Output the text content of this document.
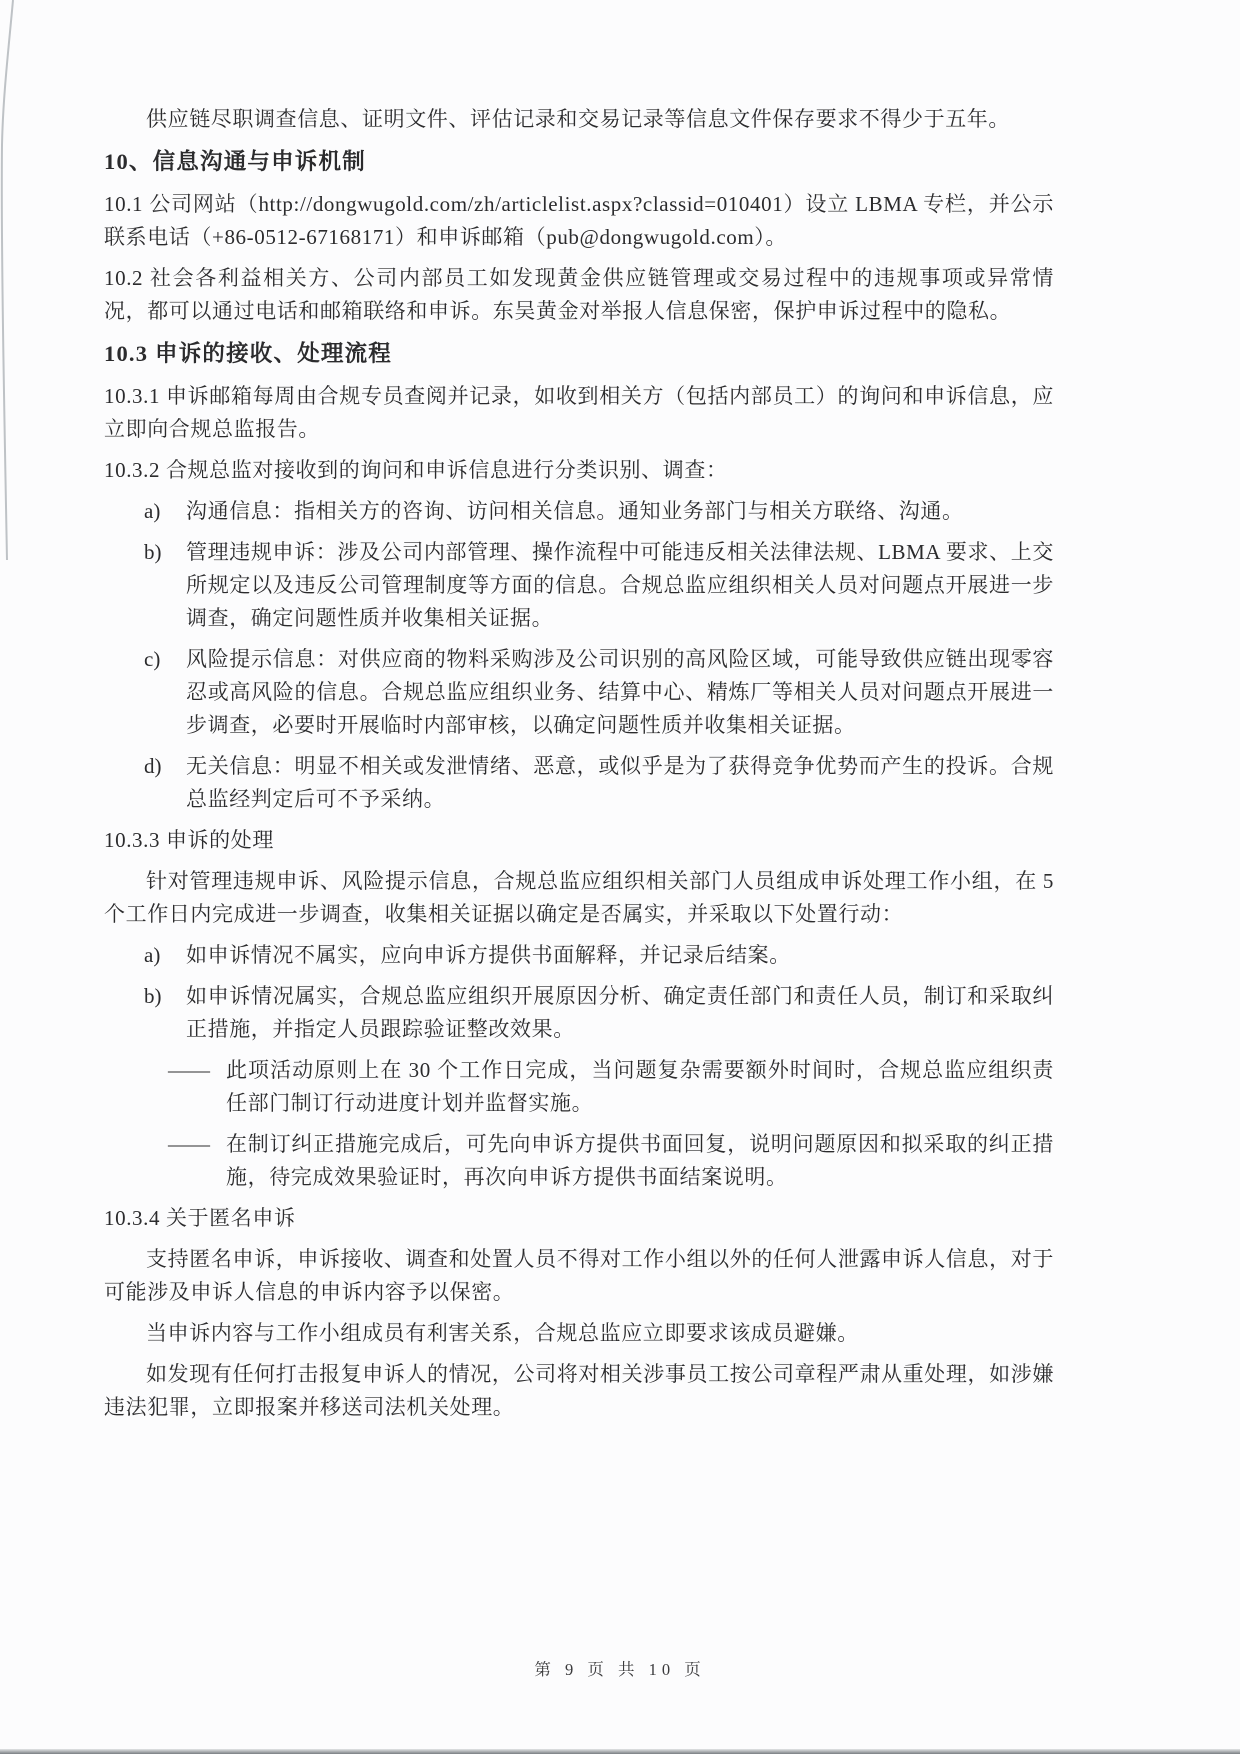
供应链尽职调查信息、证明文件、评估记录和交易记录等信息文件保存要求不得少于五年。

10、信息沟通与申诉机制

10.1 公司网站（http://dongwugold.com/zh/articlelist.aspx?classid=010401）设立 LBMA 专栏，并公示联系电话（+86-0512-67168171）和申诉邮箱（pub@dongwugold.com）。

10.2 社会各利益相关方、公司内部员工如发现黄金供应链管理或交易过程中的违规事项或异常情况，都可以通过电话和邮箱联络和申诉。东吴黄金对举报人信息保密，保护申诉过程中的隐私。

10.3 申诉的接收、处理流程

10.3.1 申诉邮箱每周由合规专员查阅并记录，如收到相关方（包括内部员工）的询问和申诉信息，应立即向合规总监报告。

10.3.2 合规总监对接收到的询问和申诉信息进行分类识别、调查：

a)	沟通信息：指相关方的咨询、访问相关信息。通知业务部门与相关方联络、沟通。
b)	管理违规申诉：涉及公司内部管理、操作流程中可能违反相关法律法规、LBMA 要求、上交所规定以及违反公司管理制度等方面的信息。合规总监应组织相关人员对问题点开展进一步调查，确定问题性质并收集相关证据。
c)	风险提示信息：对供应商的物料采购涉及公司识别的高风险区域，可能导致供应链出现零容忍或高风险的信息。合规总监应组织业务、结算中心、精炼厂等相关人员对问题点开展进一步调查，必要时开展临时内部审核，以确定问题性质并收集相关证据。
d)	无关信息：明显不相关或发泄情绪、恶意，或似乎是为了获得竞争优势而产生的投诉。合规总监经判定后可不予采纳。

10.3.3 申诉的处理

针对管理违规申诉、风险提示信息，合规总监应组织相关部门人员组成申诉处理工作小组，在 5 个工作日内完成进一步调查，收集相关证据以确定是否属实，并采取以下处置行动：

a)	如申诉情况不属实，应向申诉方提供书面解释，并记录后结案。
b)	如申诉情况属实，合规总监应组织开展原因分析、确定责任部门和责任人员，制订和采取纠正措施，并指定人员跟踪验证整改效果。
—— 此项活动原则上在 30 个工作日完成，当问题复杂需要额外时间时，合规总监应组织责任部门制订行动进度计划并监督实施。
—— 在制订纠正措施完成后，可先向申诉方提供书面回复，说明问题原因和拟采取的纠正措施，待完成效果验证时，再次向申诉方提供书面结案说明。

10.3.4 关于匿名申诉

支持匿名申诉，申诉接收、调查和处置人员不得对工作小组以外的任何人泄露申诉人信息，对于可能涉及申诉人信息的申诉内容予以保密。

当申诉内容与工作小组成员有利害关系，合规总监应立即要求该成员避嫌。

如发现有任何打击报复申诉人的情况，公司将对相关涉事员工按公司章程严肃从重处理，如涉嫌违法犯罪，立即报案并移送司法机关处理。

第 9 页 共 10 页
